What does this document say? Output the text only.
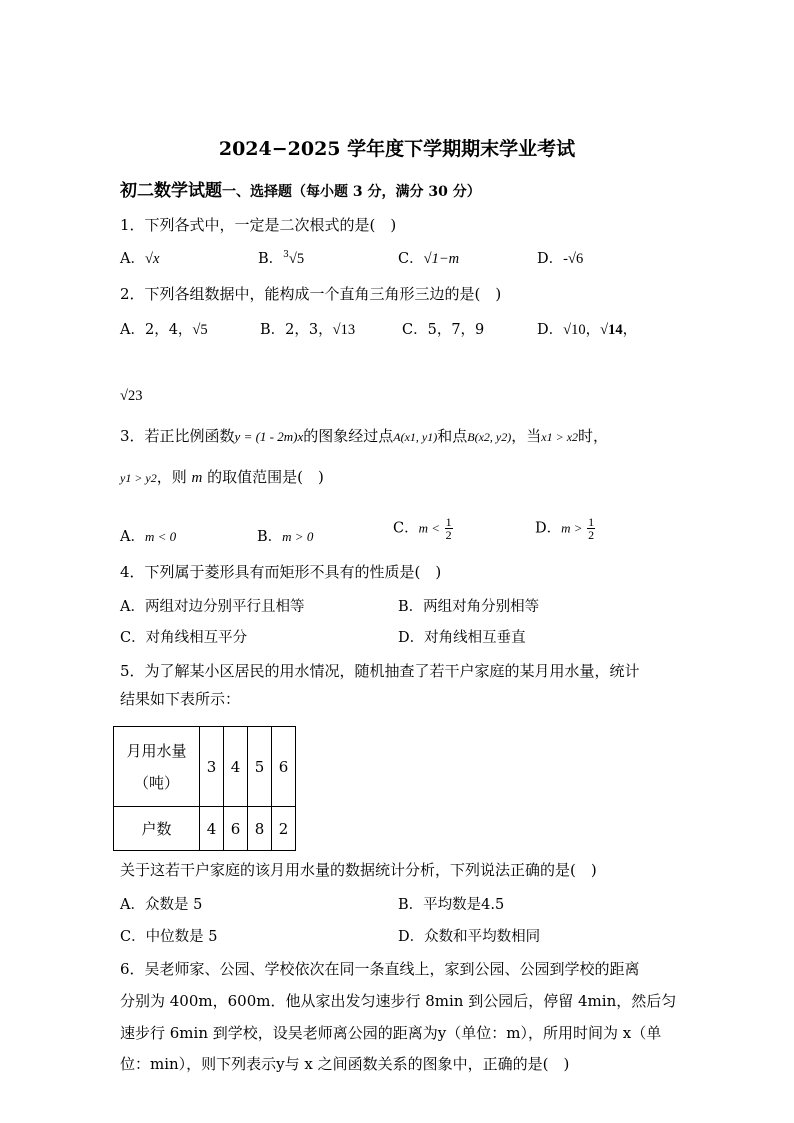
2024−2025 学年度下学期期末学业考试
初二数学试题一、选择题（每小题 3 分，满分 30 分）
1．下列各式中，一定是二次根式的是(　)
A．√x	B．$^3$√5	C．√1−m	D．-√6
2．下列各组数据中，能构成一个直角三角形三边的是(　)
A．2，4，√5	B．2，3，√13	C．5，7，9	D．√10，√14，
√23
3．若正比例函数y = (1 - 2m)x的图象经过点A(x1, y1)和点B(x2, y2)，当x1 > x2时，
y1 > y2，则 m 的取值范围是(　)
A．m < 0	B．m > 0	C．$m < \frac{1}{2}$	D．$m > \frac{1}{2}$
4．下列属于菱形具有而矩形不具有的性质是(　)
A．两组对边分别平行且相等	B．两组对角分别相等
C．对角线相互平分	D．对角线相互垂直
5．为了解某小区居民的用水情况，随机抽查了若干户家庭的某月用水量，统计
结果如下表所示：
月用水量
（吨）	3	4	5	6
户数	4	6	8	2
关于这若干户家庭的该月用水量的数据统计分析，下列说法正确的是(　)
A．众数是 5	B．平均数是4.5
C．中位数是 5	D．众数和平均数相同
6．吴老师家、公园、学校依次在同一条直线上，家到公园、公园到学校的距离
分别为 400m，600m．他从家出发匀速步行 8min 到公园后，停留 4min，然后匀
速步行 6min 到学校，设吴老师离公园的距离为y（单位：m），所用时间为 x（单
位：min），则下列表示y与 x 之间函数关系的图象中，正确的是(　)
